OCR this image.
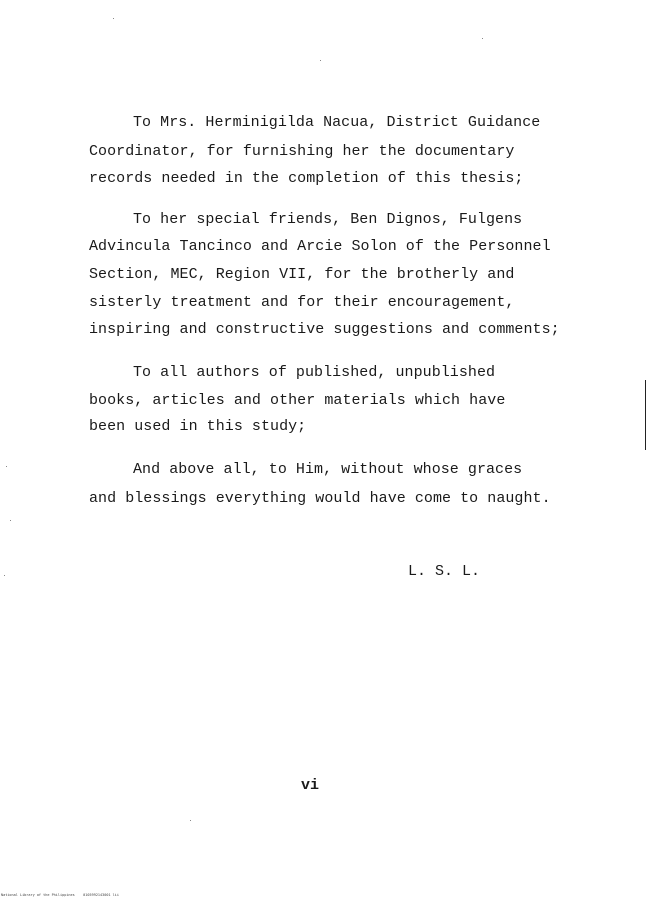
To Mrs. Herminigilda Nacua, District Guidance
Coordinator, for furnishing her the documentary
records needed in the completion of this thesis;
To her special friends, Ben Dignos, Fulgens
Advincula Tancinco and Arcie Solon of the Personnel
Section, MEC, Region VII, for the brotherly and
sisterly treatment and for their encouragement,
inspiring and constructive suggestions and comments;
To all authors of published, unpublished
books, articles and other materials which have
been used in this study;
And above all, to Him, without whose graces
and blessings everything would have come to naught.
L. S. L.
vi
National Library of the Philippines    0105992143001 lii
